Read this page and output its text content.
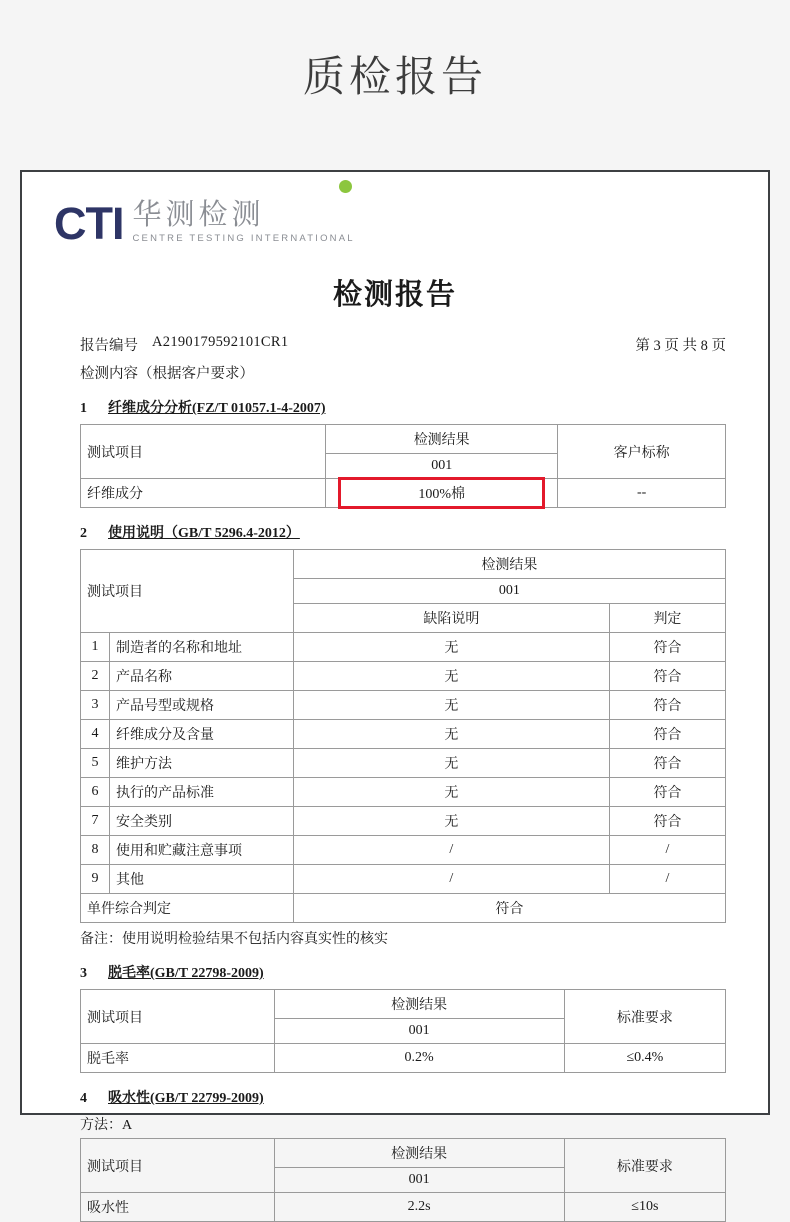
质检报告
CTI 华测检测
CENTRE TESTING INTERNATIONAL
检测报告
报告编号 A2190179592101CR1	第 3 页 共 8 页
检测内容（根据客户要求）
1	纤维成分分析(FZ/T 01057.1-4-2007)
测试项目	检测结果	客户标称
	001	
纤维成分	100%棉	--
2	使用说明（GB/T 5296.4-2012）
测试项目		检测结果	
		001	
		缺陷说明	判定
1	制造者的名称和地址	无	符合
2	产品名称	无	符合
3	产品号型或规格	无	符合
4	纤维成分及含量	无	符合
5	维护方法	无	符合
6	执行的产品标准	无	符合
7	安全类别	无	符合
8	使用和贮藏注意事项	/	/
9	其他	/	/
单件综合判定		符合	
备注：使用说明检验结果不包括内容真实性的核实
3	脱毛率(GB/T 22798-2009)
测试项目	检测结果	标准要求
	001	
脱毛率	0.2%	≤0.4%
4	吸水性(GB/T 22799-2009)
方法：A
测试项目	检测结果	标准要求
	001	
吸水性	2.2s	≤10s
